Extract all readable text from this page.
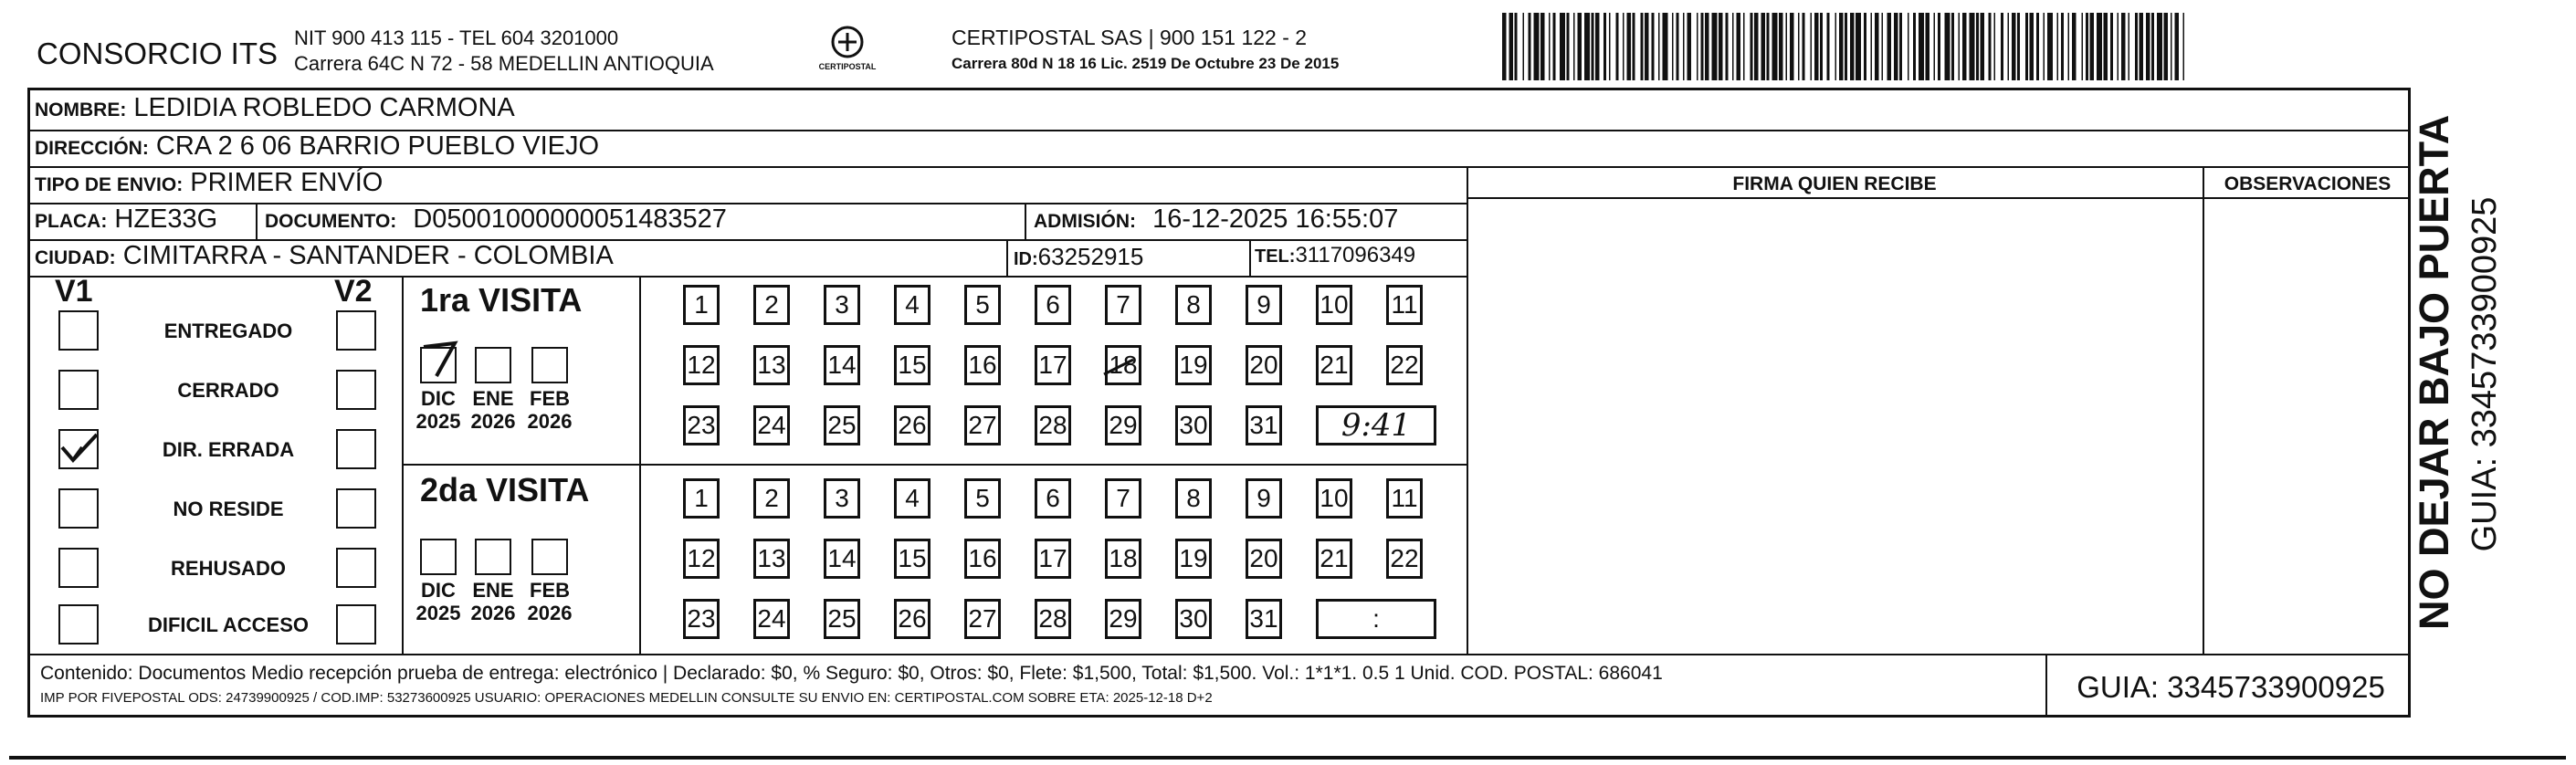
CONSORCIO ITS NIT 900 413 115 - TEL 604 3201000
Carrera 64C N 72 - 58 MEDELLIN ANTIOQUIA	CERTIPOSTAL
CERTIPOSTAL SAS | 900 151 122 - 2
Carrera 80d N 18 16 Lic. 2519 De Octubre 23 De 2015
NOMBRE: LEDIDIA ROBLEDO CARMONA
DIRECCIÓN: CRA 2 6 06 BARRIO PUEBLO VIEJO
TIPO DE ENVIO: PRIMER ENVÍO
PLACA: HZE33G DOCUMENTO: D05001000000051483527	ADMISIÓN: 16-12-2025 16:55:07
CIUDAD: CIMITARRA - SANTANDER - COLOMBIA	ID:63252915	TEL:3117096349
FIRMA QUIEN RECIBE	OBSERVACIONES
V1	V2
ENTREGADO
CERRADO
DIR. ERRADA
NO RESIDE
REHUSADO
DIFICIL ACCESO
1ra VISITA
2da VISITA
DIC
2025
ENE
2026
FEB
2026
DIC
2025
ENE
2026
FEB
2026
1	2	3	4	5	6	7	8	9	10 11
12 13 14 15 16 17 18 19 20 21 22
23 24 25 26 27 28 29 30 31	9:41
1	2	3	4	5	6	7	8	9	10 11
12 13 14 15 16 17 18 19 20 21 22
23 24 25 26 27 28 29 30 31	:
Contenido: Documentos Medio recepción prueba de entrega: electrónico | Declarado: $0, % Seguro: $0, Otros: $0, Flete: $1,500, Total: $1,500. Vol.: 1*1*1. 0.5 1 Unid. COD. POSTAL: 686041
IMP POR FIVEPOSTAL ODS: 24739900925 / COD.IMP: 53273600925 USUARIO: OPERACIONES MEDELLIN CONSULTE SU ENVIO EN: CERTIPOSTAL.COM SOBRE ETA: 2025-12-18 D+2	GUIA: 3345733900925
NO DEJAR BAJO PUERTA GUIA: 3345733900925
